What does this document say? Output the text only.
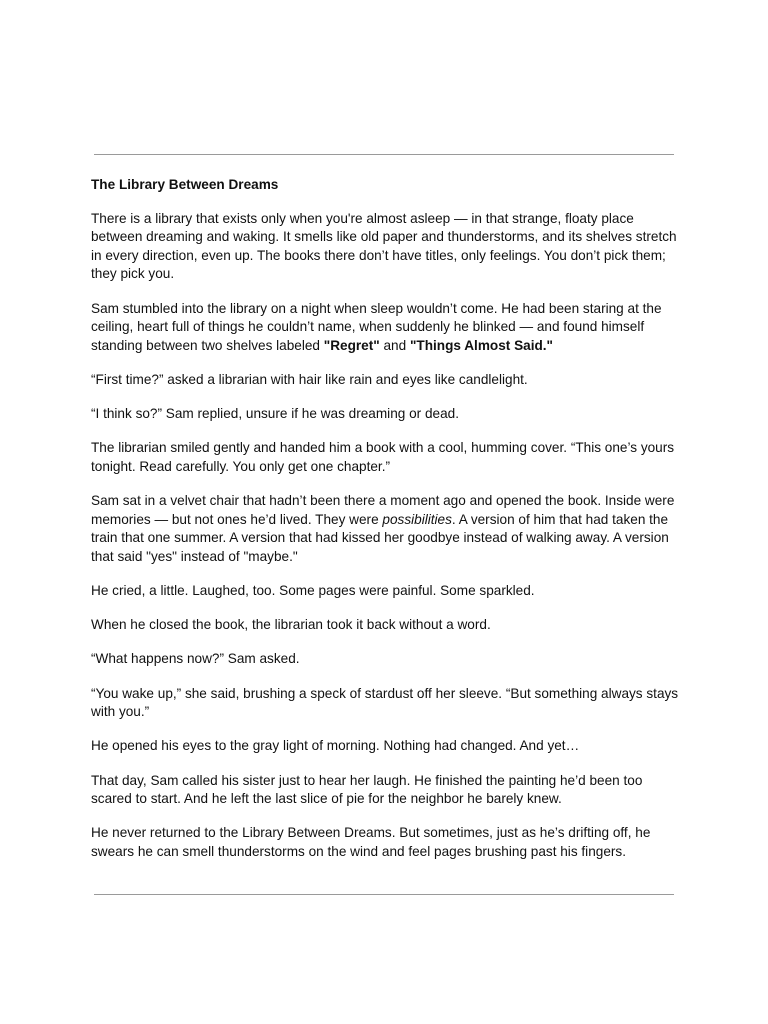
The Library Between Dreams

There is a library that exists only when you're almost asleep — in that strange, floaty place between dreaming and waking. It smells like old paper and thunderstorms, and its shelves stretch in every direction, even up. The books there don’t have titles, only feelings. You don’t pick them; they pick you.

Sam stumbled into the library on a night when sleep wouldn’t come. He had been staring at the ceiling, heart full of things he couldn’t name, when suddenly he blinked — and found himself standing between two shelves labeled "Regret" and "Things Almost Said."

“First time?” asked a librarian with hair like rain and eyes like candlelight.

“I think so?” Sam replied, unsure if he was dreaming or dead.

The librarian smiled gently and handed him a book with a cool, humming cover. “This one’s yours tonight. Read carefully. You only get one chapter.”

Sam sat in a velvet chair that hadn’t been there a moment ago and opened the book. Inside were memories — but not ones he’d lived. They were possibilities. A version of him that had taken the train that one summer. A version that had kissed her goodbye instead of walking away. A version that said "yes" instead of "maybe."

He cried, a little. Laughed, too. Some pages were painful. Some sparkled.

When he closed the book, the librarian took it back without a word.

“What happens now?” Sam asked.

“You wake up,” she said, brushing a speck of stardust off her sleeve. “But something always stays with you.”

He opened his eyes to the gray light of morning. Nothing had changed. And yet…

That day, Sam called his sister just to hear her laugh. He finished the painting he’d been too scared to start. And he left the last slice of pie for the neighbor he barely knew.

He never returned to the Library Between Dreams. But sometimes, just as he’s drifting off, he swears he can smell thunderstorms on the wind and feel pages brushing past his fingers.
